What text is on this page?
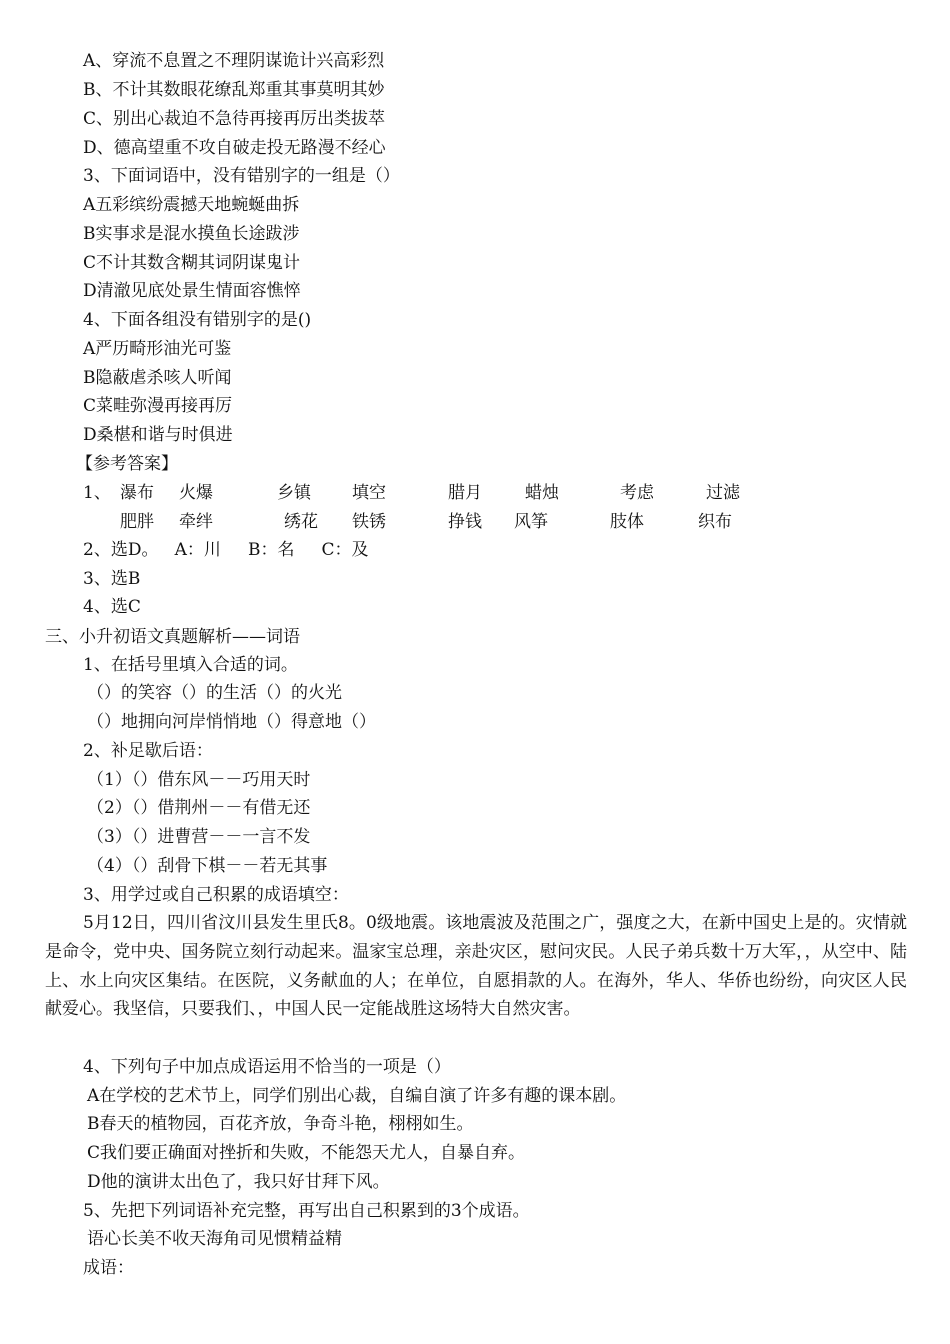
A、穿流不息置之不理阴谋诡计兴高彩烈
B、不计其数眼花缭乱郑重其事莫明其妙
C、别出心裁迫不急待再接再厉出类拔萃
D、德高望重不攻自破走投无路漫不经心
3、下面词语中，没有错别字的一组是（）
A五彩缤纷震撼天地蜿蜒曲拆
B实事求是混水摸鱼长途跋涉
C不计其数含糊其词阴谋鬼计
D清澈见底处景生情面容憔悴
4、下面各组没有错别字的是()
A严历畸形油光可鉴
B隐蔽虐杀咳人听闻
C菜畦弥漫再接再厉
D桑椹和谐与时俱进
【参考答案】
1、 瀑布 火爆	乡镇 填空	腊月	蜡烛	考虑	过滤
肥胖 牵绊	绣花 铁锈	挣钱 风筝	肢体	织布
2、选D。   A：川     B：名     C：及
3、选B
4、选C
三、小升初语文真题解析——词语
1、在括号里填入合适的词。
（）的笑容（）的生活（）的火光
（）地拥向河岸悄悄地（）得意地（）
2、补足歇后语：
（1）（）借东风－－巧用天时
（2）（）借荆州－－有借无还
（3）（）进曹营－－一言不发
（4）（）刮骨下棋－－若无其事
3、用学过或自己积累的成语填空：
5月12日，四川省汶川县发生里氏8。0级地震。该地震波及范围之广，强度之大，在新中国史上是的。灾情就是命令，党中央、国务院立刻行动起来。温家宝总理，亲赴灾区，慰问灾民。人民子弟兵数十万大军，，从空中、陆上、水上向灾区集结。在医院，义务献血的人；在单位，自愿捐款的人。在海外，华人、华侨也纷纷，向灾区人民献爱心。我坚信，只要我们、，中国人民一定能战胜这场特大自然灾害。
4、下列句子中加点成语运用不恰当的一项是（）
A在学校的艺术节上，同学们别出心裁，自编自演了许多有趣的课本剧。
B春天的植物园，百花齐放，争奇斗艳，栩栩如生。
C我们要正确面对挫折和失败，不能怨天尤人，自暴自弃。
D他的演讲太出色了，我只好甘拜下风。
5、先把下列词语补充完整，再写出自己积累到的3个成语。
语心长美不收天海角司见惯精益精
成语：
